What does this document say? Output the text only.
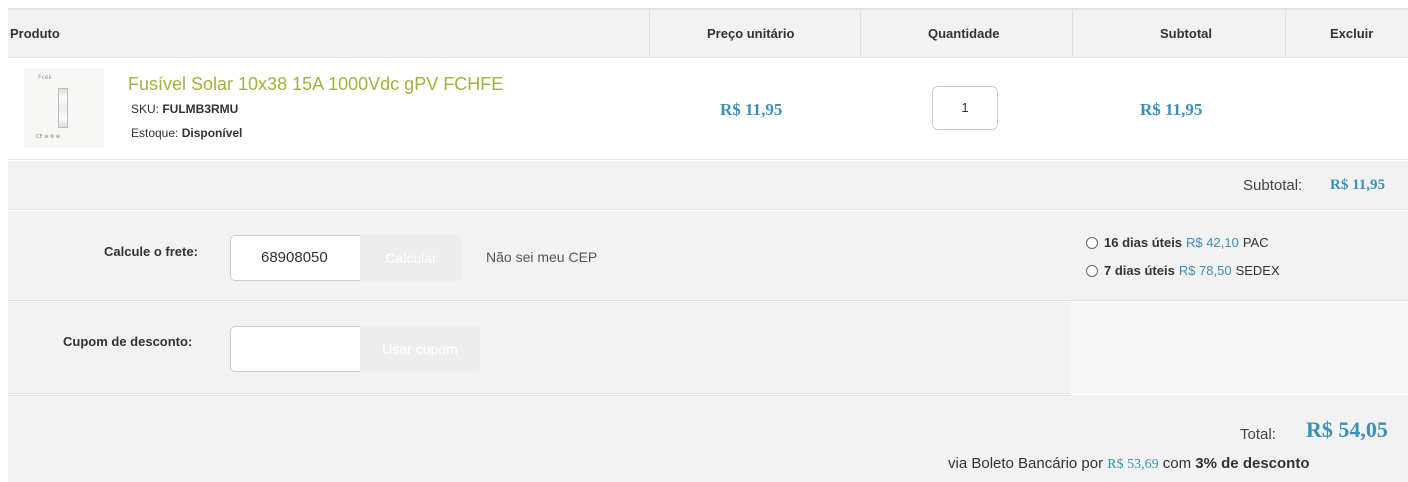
Produto	Preço unitário	Quantidade	Subtotal	Excluir
Fcek
CE ⊕ ⊗ ⊕
Fusível Solar 10x38 15A 1000Vdc gPV FCHFE
SKU: FULMB3RMU
Estoque: Disponível
R$ 11,95	1	R$ 11,95
Subtotal: R$ 11,95
Calcule o frete:	68908050	Calcular	Não sei meu CEP
16 dias úteis R$ 42,10 PAC
7 dias úteis R$ 78,50 SEDEX
Cupom de desconto:	Usar cupom
Total: R$ 54,05
via Boleto Bancário por R$ 53,69 com 3% de desconto
